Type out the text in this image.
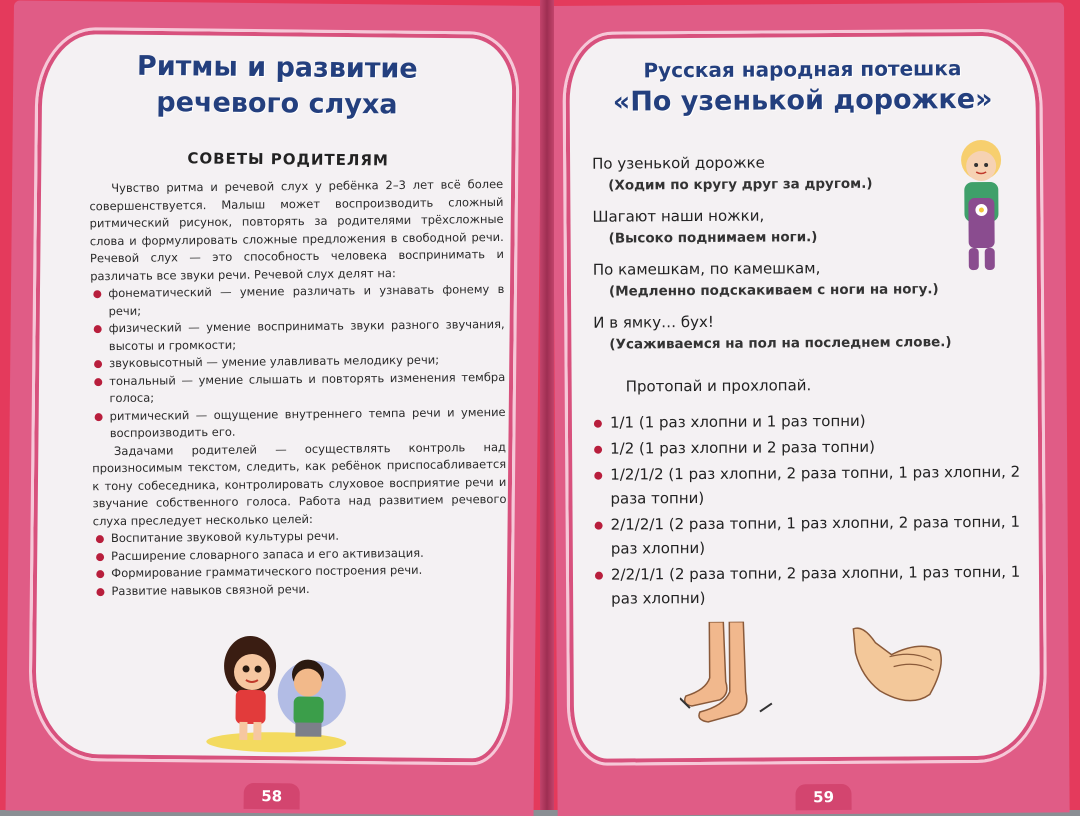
Ритмы и развитие
речевого слуха
СОВЕТЫ РОДИТЕЛЯМ
Чувство ритма и речевой слух у ребёнка 2–3 лет всё более совершенствуется. Малыш может воспроизводить сложный ритмический рисунок, повторять за родителями трёхсложные слова и формулировать сложные предложения в свободной речи. Речевой слух — это способность человека воспринимать и различать все звуки речи. Речевой слух делят на:
фонематический — умение различать и узнавать фонему в речи;
физический — умение воспринимать звуки разного звучания, высоты и громкости;
звуковысотный — умение улавливать мелодику речи;
тональный — умение слышать и повторять изменения тембра голоса;
ритмический — ощущение внутреннего темпа речи и умение воспроизводить его.
Задачами родителей — осуществлять контроль над произносимым текстом, следить, как ребёнок приспосабливается к тону собеседника, контролировать слуховое восприятие речи и звучание собственного голоса. Работа над развитием речевого слуха преследует несколько целей:
Воспитание звуковой культуры речи.
Расширение словарного запаса и его активизация.
Формирование грамматического построения речи.
Развитие навыков связной речи.
58
Русская народная потешка
«По узенькой дорожке»
По узенькой дорожке
(Ходим по кругу друг за другом.)
Шагают наши ножки,
(Высоко поднимаем ноги.)
По камешкам, по камешкам,
(Медленно подскакиваем с ноги на ногу.)
И в ямку… бух!
(Усаживаемся на пол на последнем слове.)
Протопай и прохлопай.
1/1 (1 раз хлопни и 1 раз топни)
1/2 (1 раз хлопни и 2 раза топни)
1/2/1/2 (1 раз хлопни, 2 раза топни, 1 раз хлопни, 2 раза топни)
2/1/2/1 (2 раза топни, 1 раз хлопни, 2 раза топни, 1 раз хлопни)
2/2/1/1 (2 раза топни, 2 раза хлопни, 1 раз топни, 1 раз хлопни)
59
